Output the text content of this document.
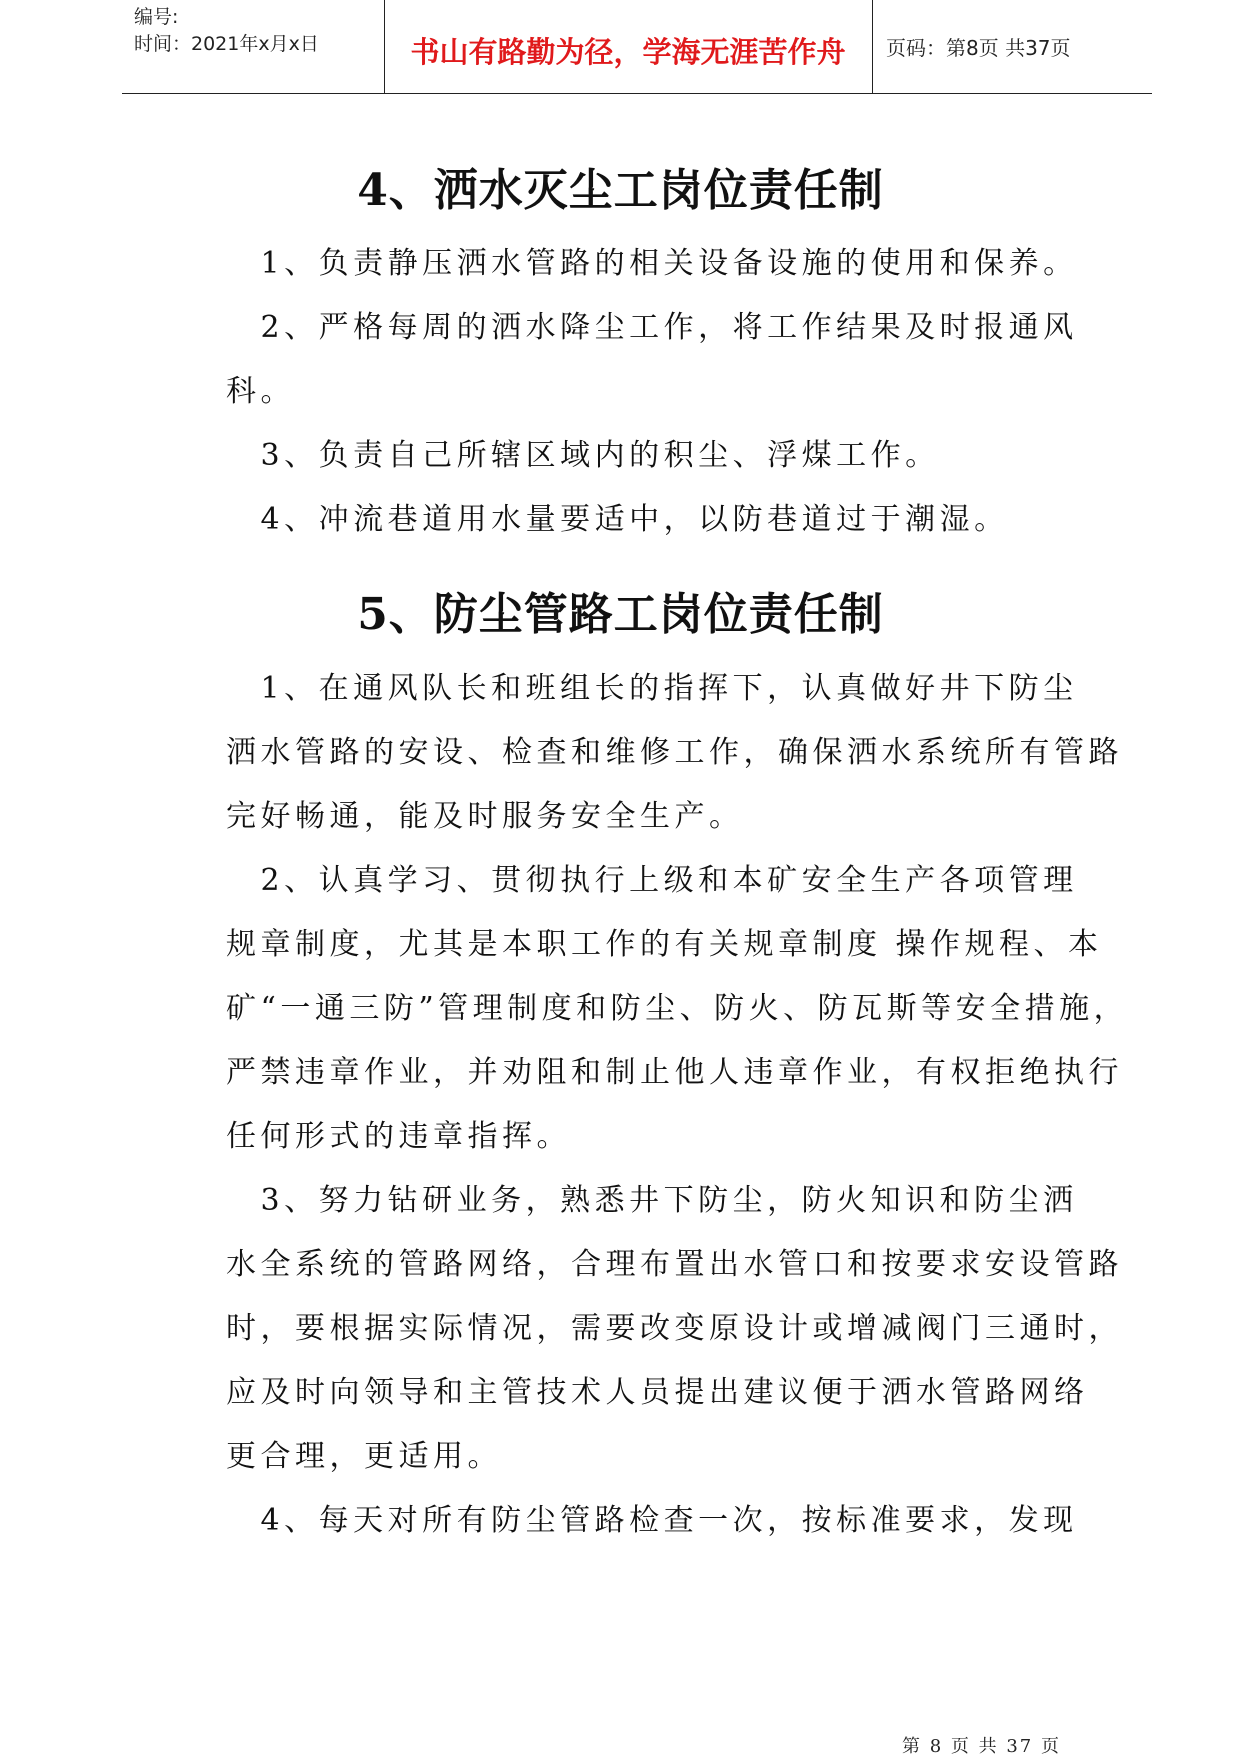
编号:
时间：2021年x月x日	书山有路勤为径，学海无涯苦作舟	页码：第8页 共37页
4、洒水灭尘工岗位责任制
　1、负责静压洒水管路的相关设备设施的使用和保养。
　2、严格每周的洒水降尘工作，将工作结果及时报通风
科。
　3、负责自己所辖区域内的积尘、浮煤工作。
　4、冲流巷道用水量要适中，以防巷道过于潮湿。
5、防尘管路工岗位责任制
　1、在通风队长和班组长的指挥下，认真做好井下防尘
洒水管路的安设、检查和维修工作，确保洒水系统所有管路
完好畅通，能及时服务安全生产。
　2、认真学习、贯彻执行上级和本矿安全生产各项管理
规章制度，尤其是本职工作的有关规章制度 操作规程、本
矿“一通三防”管理制度和防尘、防火、防瓦斯等安全措施，
严禁违章作业，并劝阻和制止他人违章作业，有权拒绝执行
任何形式的违章指挥。
　3、努力钻研业务，熟悉井下防尘，防火知识和防尘洒
水全系统的管路网络，合理布置出水管口和按要求安设管路
时，要根据实际情况，需要改变原设计或增减阀门三通时，
应及时向领导和主管技术人员提出建议便于洒水管路网络
更合理，更适用。
　4、每天对所有防尘管路检查一次，按标准要求，发现
第 8 页 共 37 页
